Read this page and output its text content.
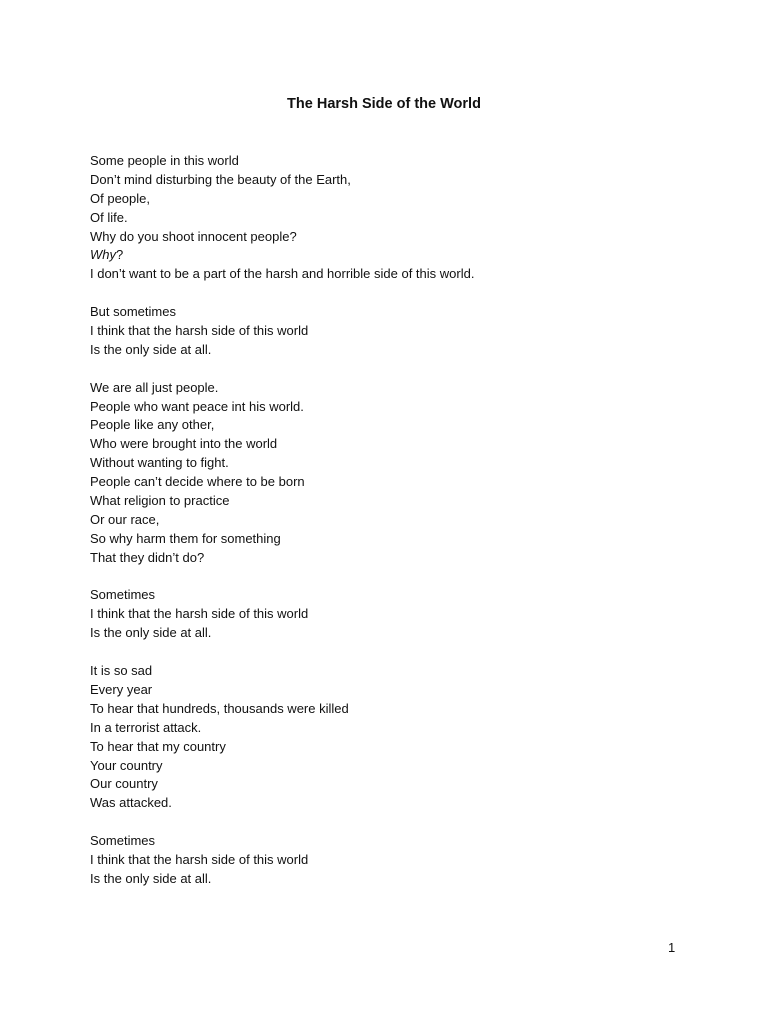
The Harsh Side of the World
Some people in this world
Don’t mind disturbing the beauty of the Earth,
Of people,
Of life.
Why do you shoot innocent people?
Why?
I don’t want to be a part of the harsh and horrible side of this world.
But sometimes
I think that the harsh side of this world
Is the only side at all.
We are all just people.
People who want peace int his world.
People like any other,
Who were brought into the world
Without wanting to fight.
People can’t decide where to be born
What religion to practice
Or our race,
So why harm them for something
That they didn’t do?
Sometimes
I think that the harsh side of this world
Is the only side at all.
It is so sad
Every year
To hear that hundreds, thousands were killed
In a terrorist attack.
To hear that my country
Your country
Our country
Was attacked.
Sometimes
I think that the harsh side of this world
Is the only side at all.
1
